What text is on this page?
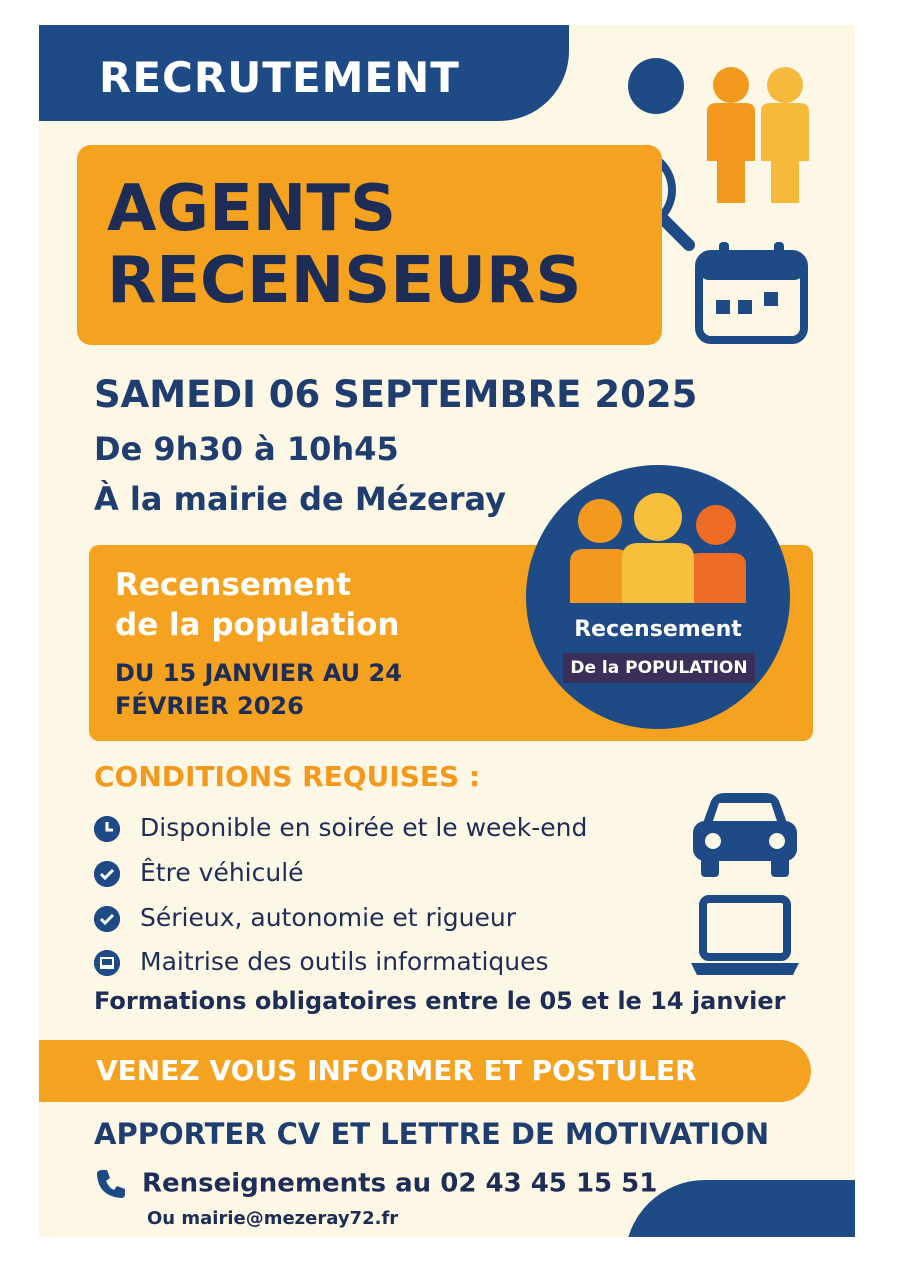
RECRUTEMENT
AGENTS
RECENSEURS
SAMEDI 06 SEPTEMBRE 2025
De 9h30 à 10h45
À la mairie de Mézeray
Recensement
de la population
DU 15 JANVIER AU 24
FÉVRIER 2026
Recensement
De la POPULATION
CONDITIONS REQUISES :
Disponible en soirée et le week-end
Être véhiculé
Sérieux, autonomie et rigueur
Maitrise des outils informatiques
Formations obligatoires entre le 05 et le 14 janvier
VENEZ VOUS INFORMER ET POSTULER
APPORTER CV ET LETTRE DE MOTIVATION
Renseignements au 02 43 45 15 51
Ou mairie@mezeray72.fr
